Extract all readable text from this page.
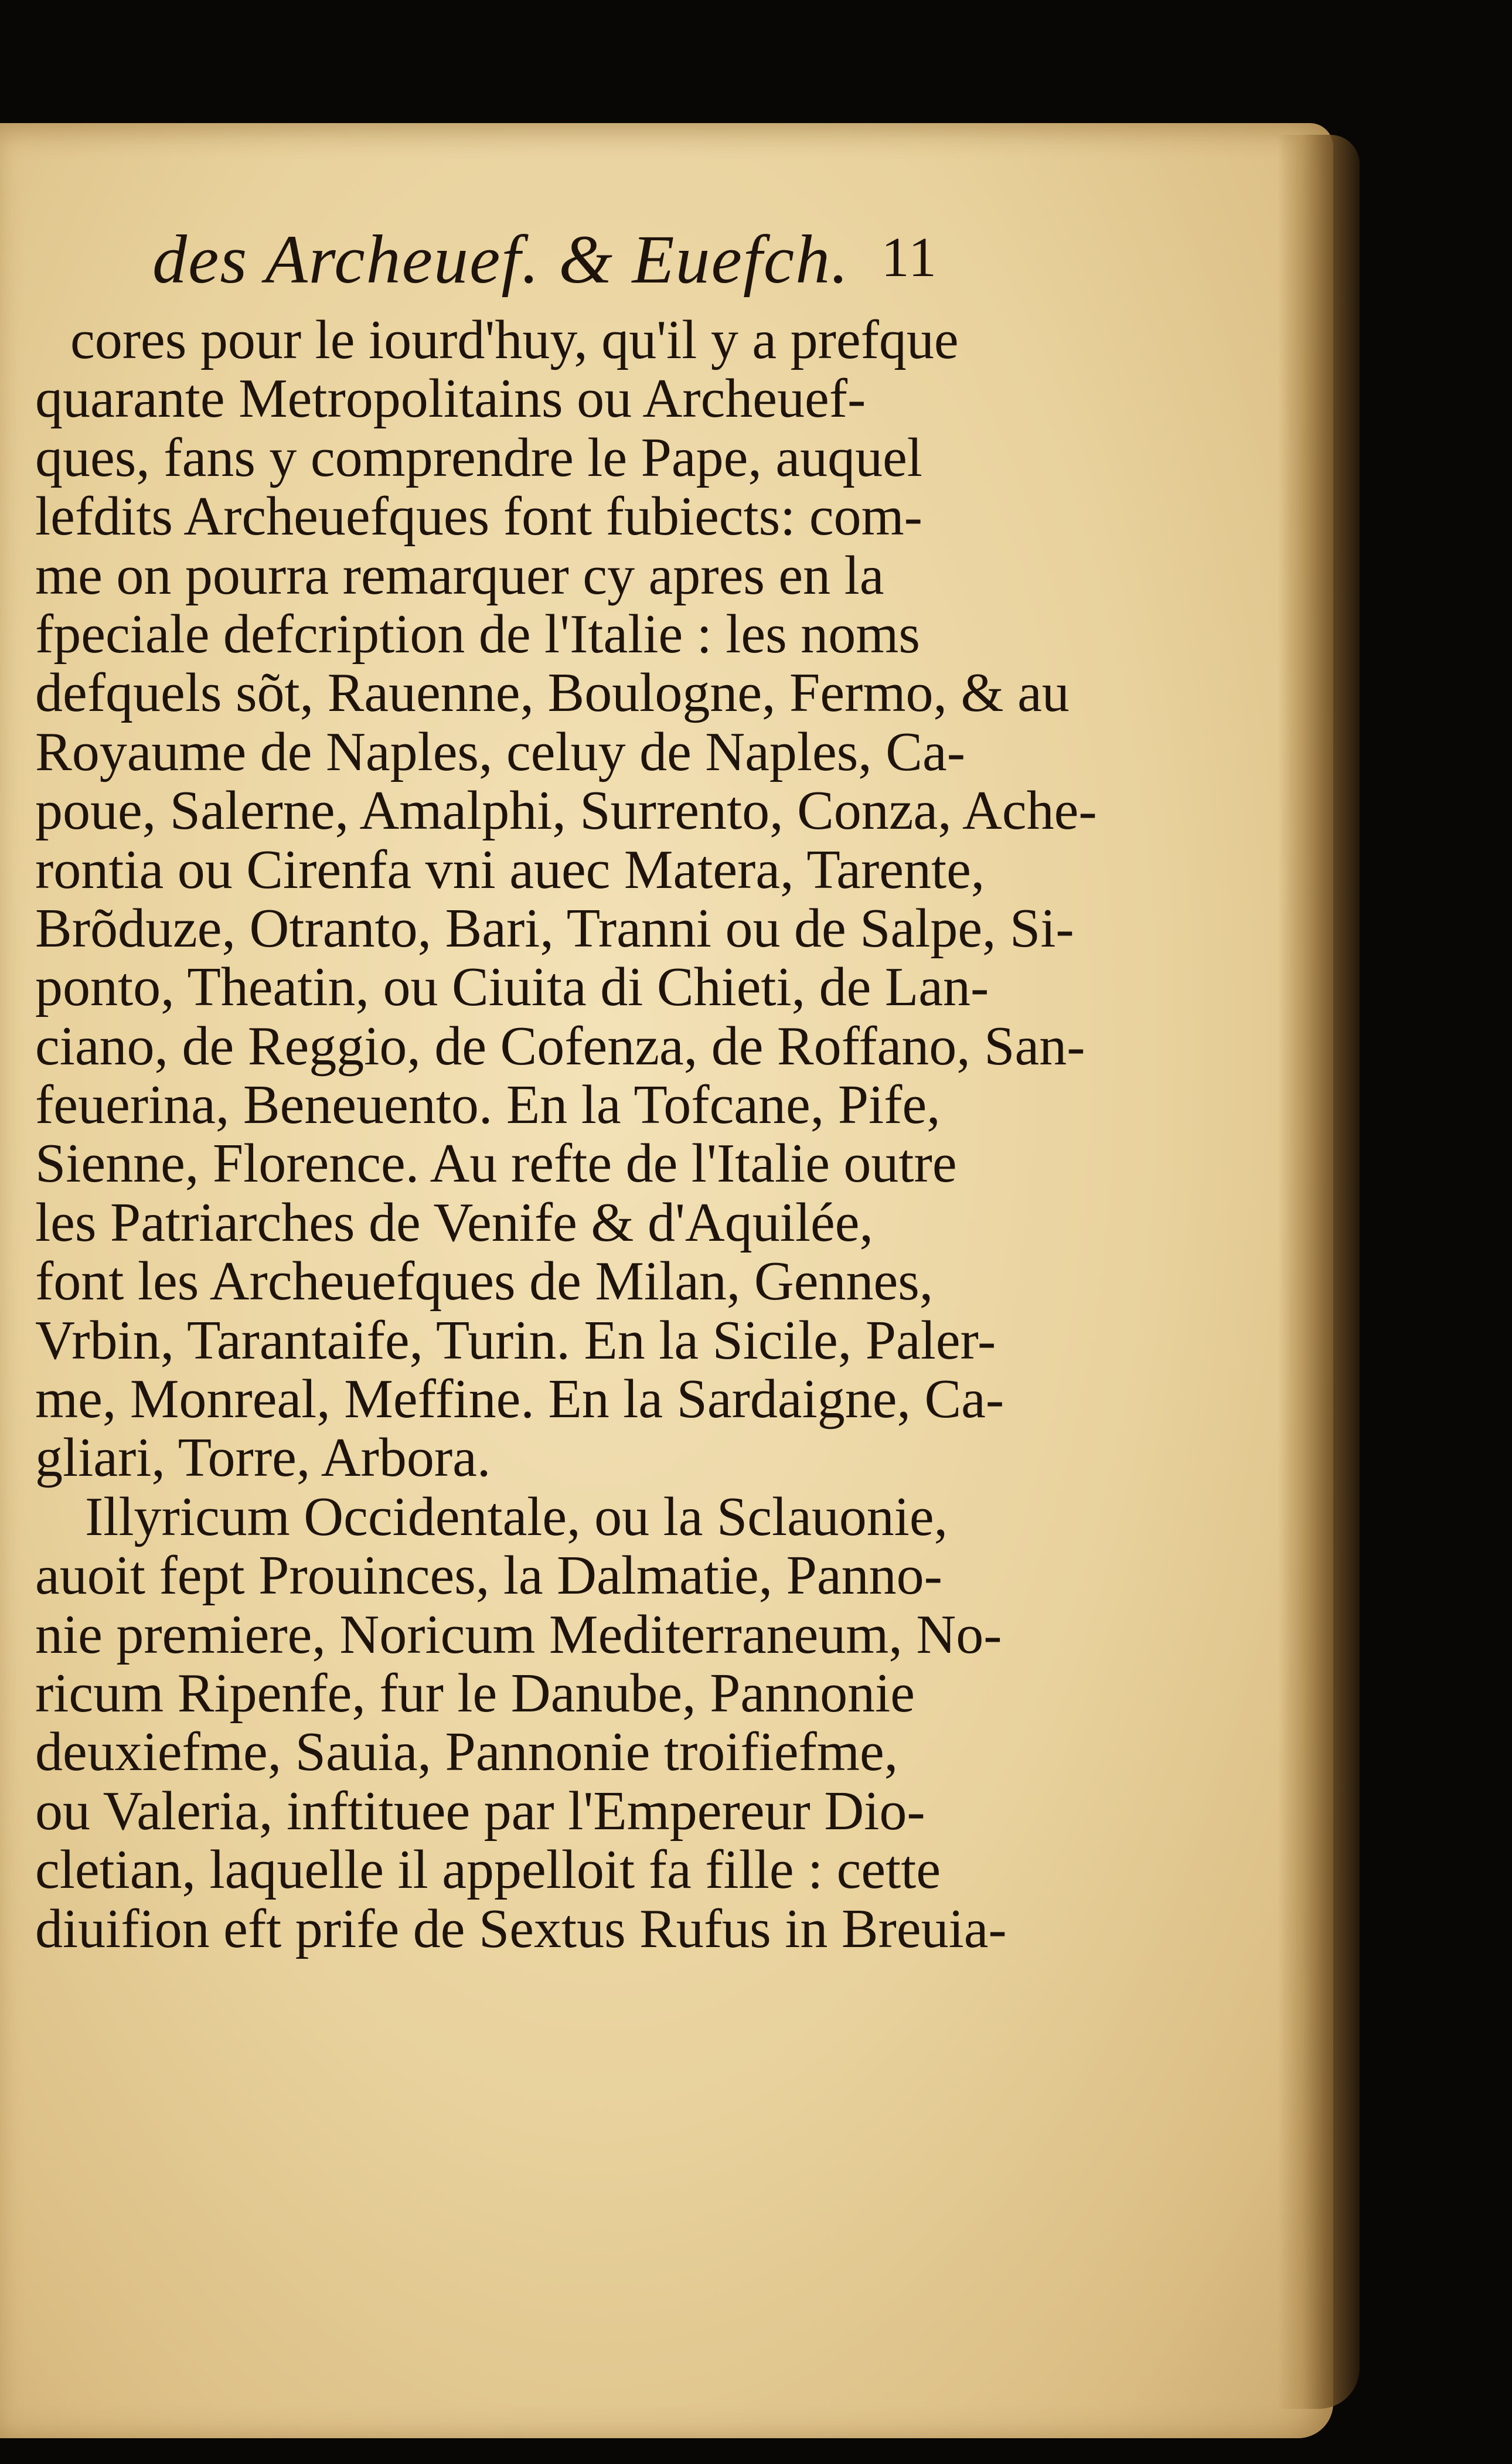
des Archeuef. & Euefch. 11
cores pour le iourd'huy, qu'il y a prefque
quarante Metropolitains ou Archeuef-
ques, fans y comprendre le Pape, auquel
lefdits Archeuefques font fubiects: com-
me on pourra remarquer cy apres en la
fpeciale defcription de l'Italie : les noms
defquels sõt, Rauenne, Boulogne, Fermo, & au
Royaume de Naples, celuy de Naples, Ca-
poue, Salerne, Amalphi, Surrento, Conza, Ache-
rontia ou Cirenfa vni auec Matera, Tarente,
Brõduze, Otranto, Bari, Tranni ou de Salpe, Si-
ponto, Theatin, ou Ciuita di Chieti, de Lan-
ciano, de Reggio, de Cofenza, de Roffano, San-
feuerina, Beneuento. En la Tofcane, Pife,
Sienne, Florence. Au refte de l'Italie outre
les Patriarches de Venife & d'Aquilée,
font les Archeuefques de Milan, Gennes,
Vrbin, Tarantaife, Turin. En la Sicile, Paler-
me, Monreal, Meffine. En la Sardaigne, Ca-
gliari, Torre, Arbora.
Illyricum Occidentale, ou la Sclauonie,
auoit fept Prouinces, la Dalmatie, Panno-
nie premiere, Noricum Mediterraneum, No-
ricum Ripenfe, fur le Danube, Pannonie
deuxiefme, Sauia, Pannonie troifiefme,
ou Valeria, inftituee par l'Empereur Dio-
cletian, laquelle il appelloit fa fille : cette
diuifion eft prife de Sextus Rufus in Breuia-
